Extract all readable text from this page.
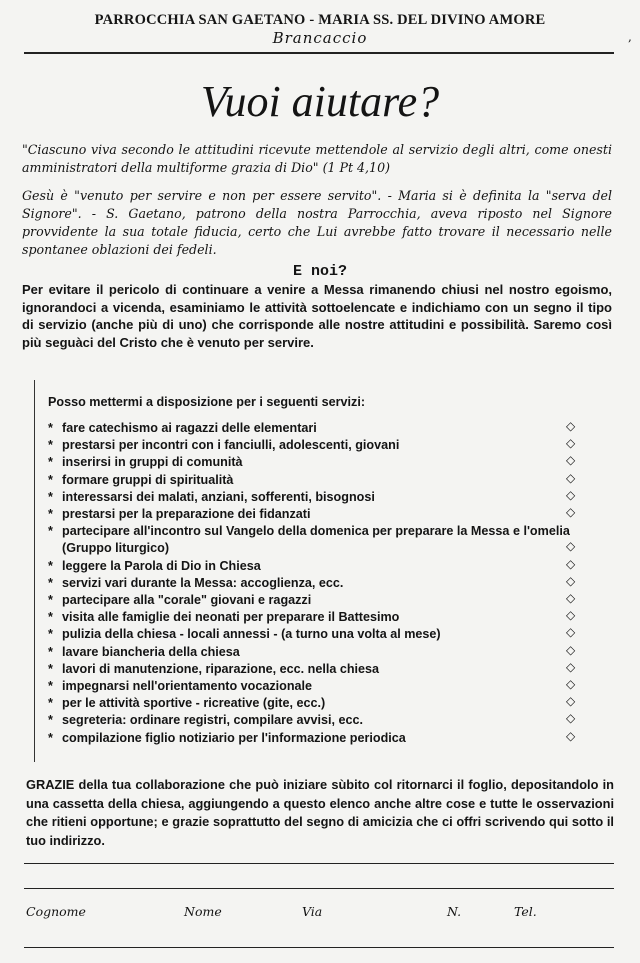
PARROCCHIA SAN GAETANO - MARIA SS. DEL DIVINO AMORE
Brancaccio	,
Vuoi aiutare?
"Ciascuno viva secondo le attitudini ricevute mettendole al servizio degli altri, come onesti amministratori della multiforme grazia di Dio" (1 Pt 4,10)
Gesù è "venuto per servire e non per essere servito". - Maria si è definita la "serva del Signore". - S. Gaetano, patrono della nostra Parrocchia, aveva riposto nel Signore provvidente la sua totale fiducia, certo che Lui avrebbe fatto trovare il necessario nelle spontanee oblazioni dei fedeli.
E noi?
Per evitare il pericolo di continuare a venire a Messa rimanendo chiusi nel nostro egoismo, ignorandoci a vicenda, esaminiamo le attività sottoelencate e indichiamo con un segno il tipo di servizio (anche più di uno) che corrisponde alle nostre attitudini e possibilità. Saremo così più seguàci del Cristo che è venuto per servire.
Posso mettermi a disposizione per i seguenti servizi:
* fare catechismo ai ragazzi delle elementari	◇
* prestarsi per incontri con i fanciulli, adolescenti, giovani	◇
* inserirsi in gruppi di comunità	◇
* formare gruppi di spiritualità	◇
* interessarsi dei malati, anziani, sofferenti, bisognosi	◇
* prestarsi per la preparazione dei fidanzati	◇
* partecipare all'incontro sul Vangelo della domenica per preparare la Messa e l'omelia (Gruppo liturgico)	◇
* leggere la Parola di Dio in Chiesa	◇
* servizi vari durante la Messa: accoglienza, ecc.	◇
* partecipare alla "corale" giovani e ragazzi	◇
* visita alle famiglie dei neonati per preparare il Battesimo	◇
* pulizia della chiesa - locali annessi - (a turno una volta al mese)	◇
* lavare biancheria della chiesa	◇
* lavori di manutenzione, riparazione, ecc. nella chiesa	◇
* impegnarsi nell'orientamento vocazionale	◇
* per le attività sportive - ricreative (gite, ecc.)	◇
* segreteria: ordinare registri, compilare avvisi, ecc.	◇
* compilazione figlio notiziario per l'informazione periodica	◇
GRAZIE della tua collaborazione che può iniziare sùbito col ritornarci il foglio, depositandolo in una cassetta della chiesa, aggiungendo a questo elenco anche altre cose e tutte le osservazioni che ritieni opportune; e grazie soprattutto del segno di amicizia che ci offri scrivendo qui sotto il tuo indirizzo.
Cognome	Nome	Via	N.	Tel.
